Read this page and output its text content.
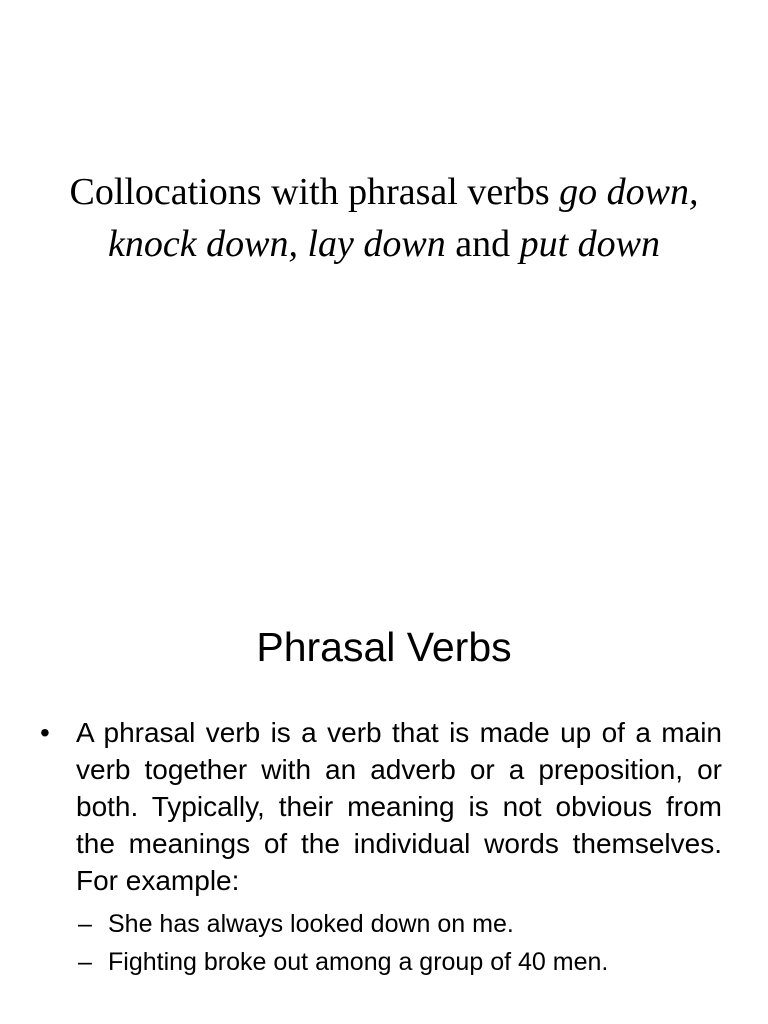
Collocations with phrasal verbs go down, knock down, lay down and put down
Phrasal Verbs
• A phrasal verb is a verb that is made up of a main verb together with an adverb or a preposition, or both. Typically, their meaning is not obvious from the meanings of the individual words themselves. For example:
– She has always looked down on me.
– Fighting broke out among a group of 40 men.
